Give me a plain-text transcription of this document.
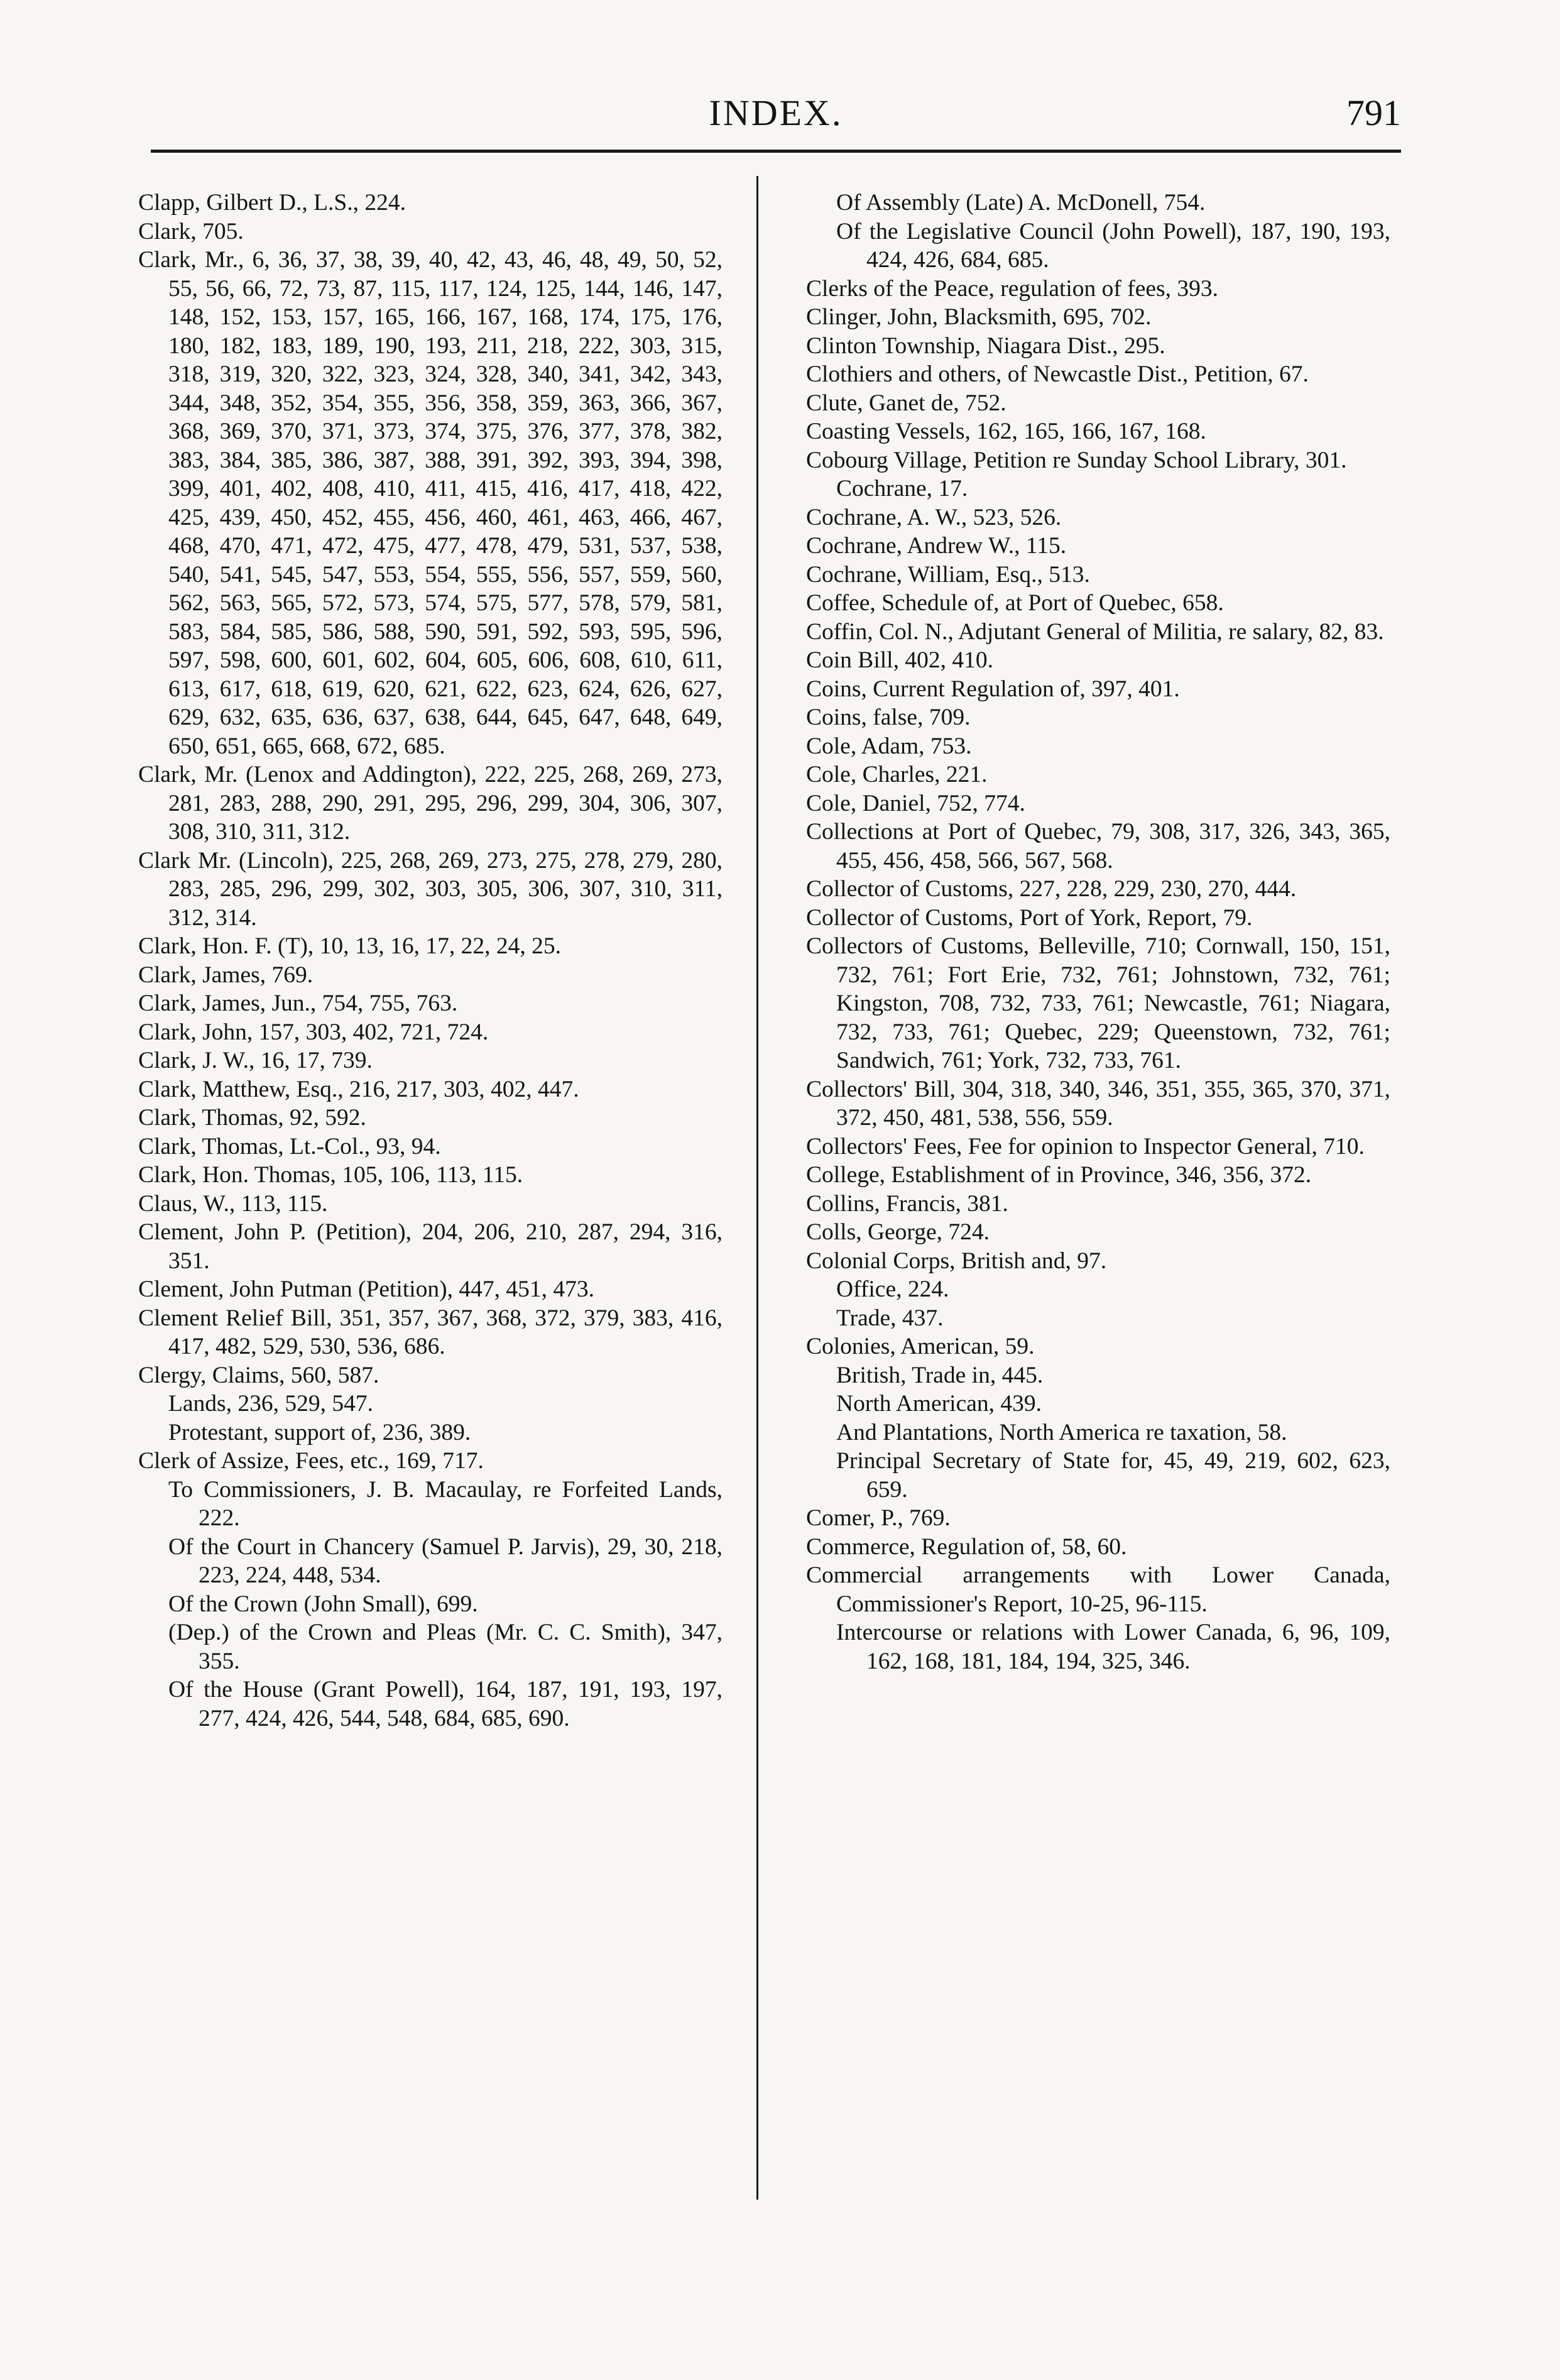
INDEX.	791

Clapp, Gilbert D., L.S., 224.

Clark, 705.

Clark, Mr., 6, 36, 37, 38, 39, 40, 42, 43, 46, 48, 49, 50, 52, 55, 56, 66, 72, 73, 87, 115, 117, 124, 125, 144, 146, 147, 148, 152, 153, 157, 165, 166, 167, 168, 174, 175, 176, 180, 182, 183, 189, 190, 193, 211, 218, 222, 303, 315, 318, 319, 320, 322, 323, 324, 328, 340, 341, 342, 343, 344, 348, 352, 354, 355, 356, 358, 359, 363, 366, 367, 368, 369, 370, 371, 373, 374, 375, 376, 377, 378, 382, 383, 384, 385, 386, 387, 388, 391, 392, 393, 394, 398, 399, 401, 402, 408, 410, 411, 415, 416, 417, 418, 422, 425, 439, 450, 452, 455, 456, 460, 461, 463, 466, 467, 468, 470, 471, 472, 475, 477, 478, 479, 531, 537, 538, 540, 541, 545, 547, 553, 554, 555, 556, 557, 559, 560, 562, 563, 565, 572, 573, 574, 575, 577, 578, 579, 581, 583, 584, 585, 586, 588, 590, 591, 592, 593, 595, 596, 597, 598, 600, 601, 602, 604, 605, 606, 608, 610, 611, 613, 617, 618, 619, 620, 621, 622, 623, 624, 626, 627, 629, 632, 635, 636, 637, 638, 644, 645, 647, 648, 649, 650, 651, 665, 668, 672, 685.

Clark, Mr. (Lenox and Addington), 222, 225, 268, 269, 273, 281, 283, 288, 290, 291, 295, 296, 299, 304, 306, 307, 308, 310, 311, 312.

Clark Mr. (Lincoln), 225, 268, 269, 273, 275, 278, 279, 280, 283, 285, 296, 299, 302, 303, 305, 306, 307, 310, 311, 312, 314.

Clark, Hon. F. (T), 10, 13, 16, 17, 22, 24, 25.

Clark, James, 769.

Clark, James, Jun., 754, 755, 763.

Clark, John, 157, 303, 402, 721, 724.

Clark, J. W., 16, 17, 739.

Clark, Matthew, Esq., 216, 217, 303, 402, 447.

Clark, Thomas, 92, 592.

Clark, Thomas, Lt.-Col., 93, 94.

Clark, Hon. Thomas, 105, 106, 113, 115.

Claus, W., 113, 115.

Clement, John P. (Petition), 204, 206, 210, 287, 294, 316, 351.

Clement, John Putman (Petition), 447, 451, 473.

Clement Relief Bill, 351, 357, 367, 368, 372, 379, 383, 416, 417, 482, 529, 530, 536, 686.

Clergy, Claims, 560, 587.

Lands, 236, 529, 547.

Protestant, support of, 236, 389.

Clerk of Assize, Fees, etc., 169, 717.

To Commissioners, J. B. Macaulay, re Forfeited Lands, 222.

Of the Court in Chancery (Samuel P. Jarvis), 29, 30, 218, 223, 224, 448, 534.

Of the Crown (John Small), 699.

(Dep.) of the Crown and Pleas (Mr. C. C. Smith), 347, 355.

Of the House (Grant Powell), 164, 187, 191, 193, 197, 277, 424, 426, 544, 548, 684, 685, 690.

Of Assembly (Late) A. McDonell, 754.

Of the Legislative Council (John Powell), 187, 190, 193, 424, 426, 684, 685.

Clerks of the Peace, regulation of fees, 393.

Clinger, John, Blacksmith, 695, 702.

Clinton Township, Niagara Dist., 295.

Clothiers and others, of Newcastle Dist., Petition, 67.

Clute, Ganet de, 752.

Coasting Vessels, 162, 165, 166, 167, 168.

Cobourg Village, Petition re Sunday School Library, 301.

Cochrane, 17.

Cochrane, A. W., 523, 526.

Cochrane, Andrew W., 115.

Cochrane, William, Esq., 513.

Coffee, Schedule of, at Port of Quebec, 658.

Coffin, Col. N., Adjutant General of Militia, re salary, 82, 83.

Coin Bill, 402, 410.

Coins, Current Regulation of, 397, 401.

Coins, false, 709.

Cole, Adam, 753.

Cole, Charles, 221.

Cole, Daniel, 752, 774.

Collections at Port of Quebec, 79, 308, 317, 326, 343, 365, 455, 456, 458, 566, 567, 568.

Collector of Customs, 227, 228, 229, 230, 270, 444.

Collector of Customs, Port of York, Report, 79.

Collectors of Customs, Belleville, 710; Cornwall, 150, 151, 732, 761; Fort Erie, 732, 761; Johnstown, 732, 761; Kingston, 708, 732, 733, 761; Newcastle, 761; Niagara, 732, 733, 761; Quebec, 229; Queenstown, 732, 761; Sandwich, 761; York, 732, 733, 761.

Collectors' Bill, 304, 318, 340, 346, 351, 355, 365, 370, 371, 372, 450, 481, 538, 556, 559.

Collectors' Fees, Fee for opinion to Inspector General, 710.

College, Establishment of in Province, 346, 356, 372.

Collins, Francis, 381.

Colls, George, 724.

Colonial Corps, British and, 97.

Office, 224.

Trade, 437.

Colonies, American, 59.

British, Trade in, 445.

North American, 439.

And Plantations, North America re taxation, 58.

Principal Secretary of State for, 45, 49, 219, 602, 623, 659.

Comer, P., 769.

Commerce, Regulation of, 58, 60.

Commercial arrangements with Lower Canada, Commissioner's Report, 10-25, 96-115.

Intercourse or relations with Lower Canada, 6, 96, 109, 162, 168, 181, 184, 194, 325, 346.
